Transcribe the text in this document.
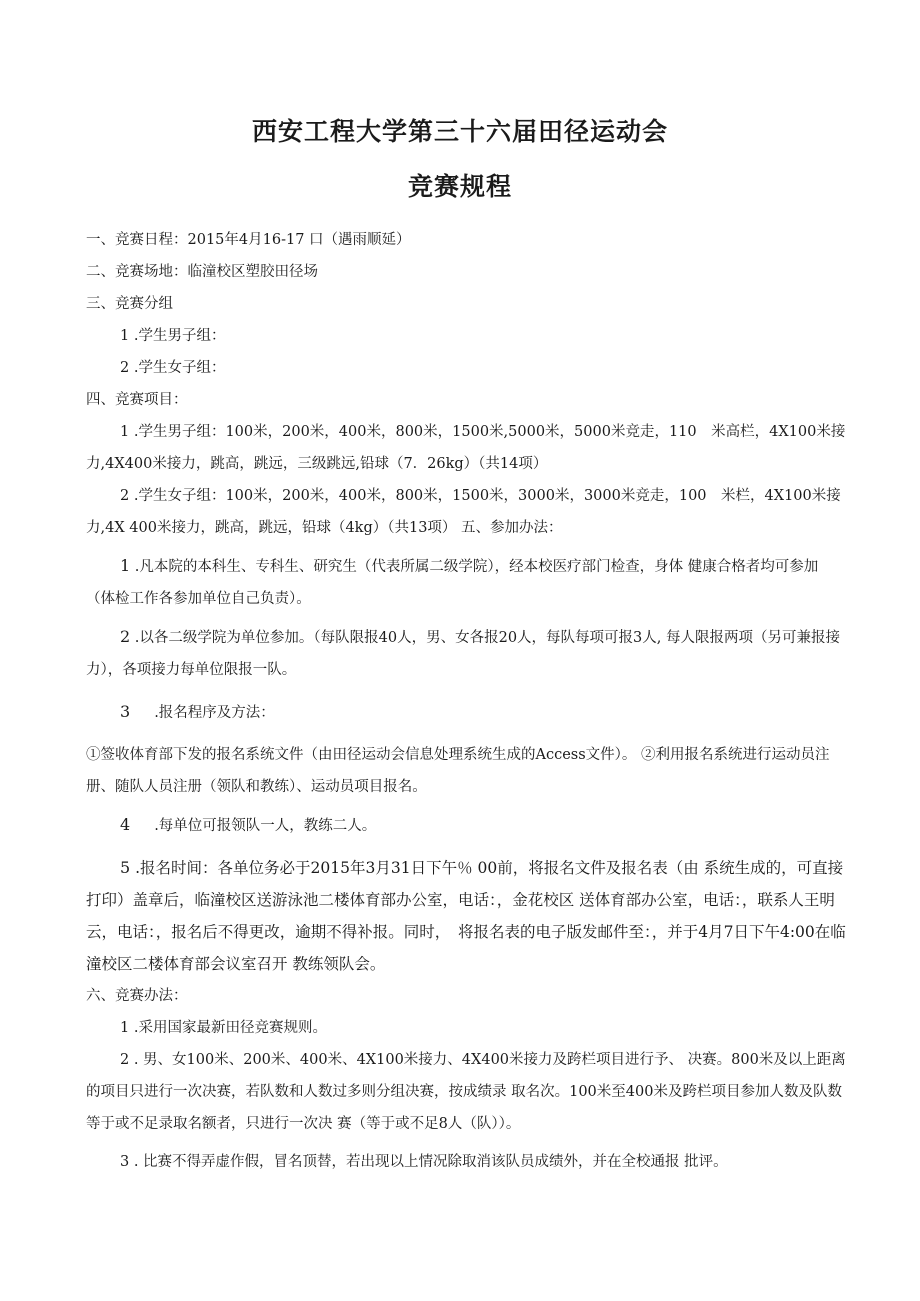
西安工程大学第三十六届田径运动会
竞赛规程

一、竞赛日程：2015年4月16-17 口（遇雨顺延）

二、竞赛场地：临潼校区塑胶田径场

三、竞赛分组

1 .学生男子组：

2 .学生女子组：

四、竞赛项目：

1 .学生男子组：100米，200米，400米，800米，1500米,5000米，5000米竞走，110　米高栏，4X100米接力,4X400米接力，跳高，跳远，三级跳远,铅球（7．26kg）（共14项）

2 .学生女子组：100米，200米，400米，800米，1500米，3000米，3000米竞走，100　米栏，4X100米接力,4X 400米接力，跳高，跳远，铅球（4kg）（共13项） 五、参加办法：

1 .凡本院的本科生、专科生、研究生（代表所属二级学院），经本校医疗部门检查，身体 健康合格者均可参加（体检工作各参加单位自己负责）。

2 .以各二级学院为单位参加。（每队限报40人，男、女各报20人，每队每项可报3人, 每人限报两项（另可兼报接力），各项接力每单位限报一队。

3 .报名程序及方法：

①签收体育部下发的报名系统文件（由田径运动会信息处理系统生成的Access文件）。 ②利用报名系统进行运动员注册、随队人员注册（领队和教练）、运动员项目报名。

4 .每单位可报领队一人，教练二人。

5 .报名时间：各单位务必于2015年3月31日下午％ 00前，将报名文件及报名表（由 系统生成的，可直接打印）盖章后，临潼校区送游泳池二楼体育部办公室，电话：，金花校区 送体育部办公室，电话：，联系人王明云，电话：，报名后不得更改，逾期不得补报。同时，　将报名表的电子版发邮件至：，并于4月7日下午4:00在临潼校区二楼体育部会议室召开 教练领队会。

六、竞赛办法：

1 .采用国家最新田径竞赛规则。

2 . 男、女100米、200米、400米、4X100米接力、4X400米接力及跨栏项目进行予、 决赛。800米及以上距离的项目只进行一次决赛，若队数和人数过多则分组决赛，按成绩录 取名次。100米至400米及跨栏项目参加人数及队数等于或不足录取名额者，只进行一次决 赛（等于或不足8人（队））。

3 . 比赛不得弄虚作假，冒名顶替，若出现以上情况除取消该队员成绩外，并在全校通报 批评。
